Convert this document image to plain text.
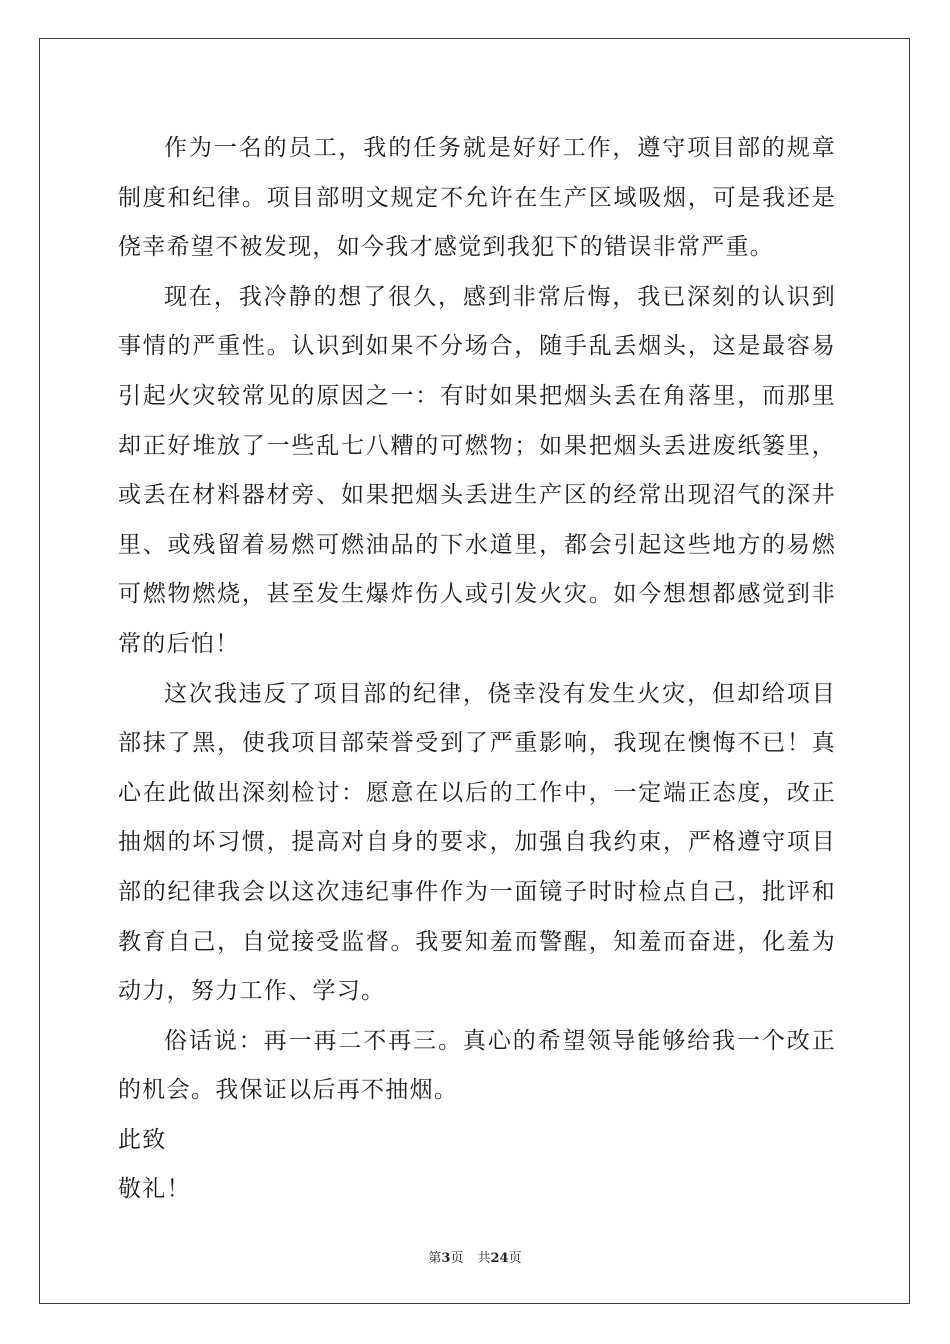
作为一名的员工，我的任务就是好好工作，遵守项目部的规章制度和纪律。项目部明文规定不允许在生产区域吸烟，可是我还是侥幸希望不被发现，如今我才感觉到我犯下的错误非常严重。

现在，我冷静的想了很久，感到非常后悔，我已深刻的认识到事情的严重性。认识到如果不分场合，随手乱丢烟头，这是最容易引起火灾较常见的原因之一：有时如果把烟头丢在角落里，而那里却正好堆放了一些乱七八糟的可燃物；如果把烟头丢进废纸篓里，或丢在材料器材旁、如果把烟头丢进生产区的经常出现沼气的深井里、或残留着易燃可燃油品的下水道里，都会引起这些地方的易燃可燃物燃烧，甚至发生爆炸伤人或引发火灾。如今想想都感觉到非常的后怕！

这次我违反了项目部的纪律，侥幸没有发生火灾，但却给项目部抹了黑，使我项目部荣誉受到了严重影响，我现在懊悔不已！真心在此做出深刻检讨：愿意在以后的工作中，一定端正态度，改正抽烟的坏习惯，提高对自身的要求，加强自我约束，严格遵守项目部的纪律我会以这次违纪事件作为一面镜子时时检点自己，批评和教育自己，自觉接受监督。我要知羞而警醒，知羞而奋进，化羞为动力，努力工作、学习。

俗话说：再一再二不再三。真心的希望领导能够给我一个改正的机会。我保证以后再不抽烟。

此致

敬礼！

第3页 共24页
